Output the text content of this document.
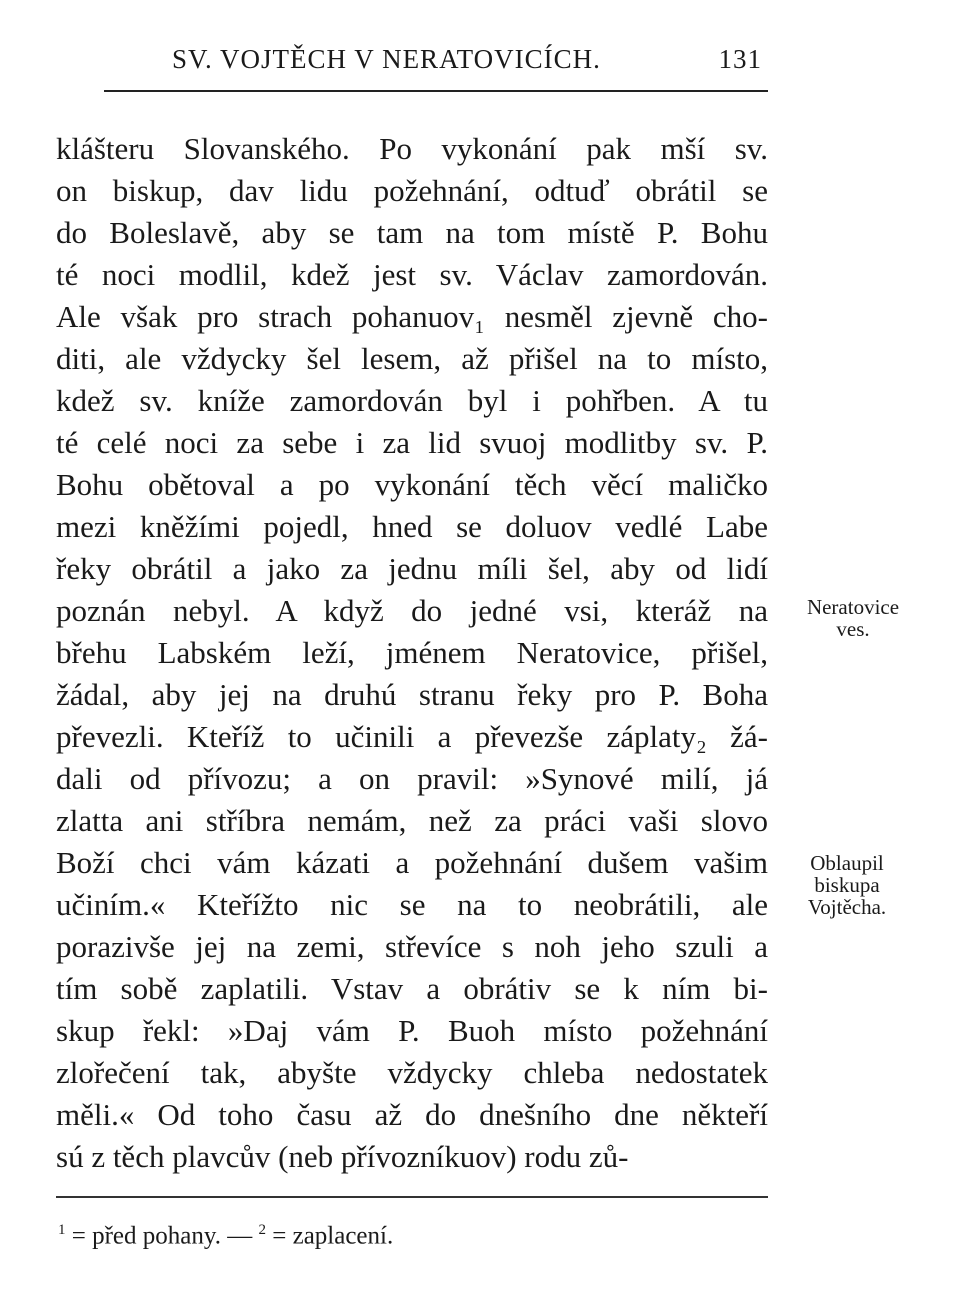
SV. VOJTĚCH V NERATOVICÍCH.	131
klášteru Slovanského. Po vykonání pak mší sv.
on biskup, dav lidu požehnání, odtuď obrátil se
do Boleslavě, aby se tam na tom místě P. Bohu
té noci modlil, kdež jest sv. Václav zamordován.
Ale však pro strach pohanuov₁ nesměl zjevně cho-
diti, ale vždycky šel lesem, až přišel na to místo,
kdež sv. kníže zamordován byl i pohřben. A tu
té celé noci za sebe i za lid svuoj modlitby sv. P.
Bohu obětoval a po vykonání těch věcí maličko
mezi kněžími pojedl, hned se doluov vedlé Labe
řeky obrátil a jako za jednu míli šel, aby od lidí
poznán nebyl. A když do jedné vsi, kteráž na
břehu Labském leží, jménem Neratovice, přišel,
žádal, aby jej na druhú stranu řeky pro P. Boha
převezli. Kteříž to učinili a převezše záplaty₂ žá-
dali od přívozu; a on pravil: »Synové milí, já
zlatta ani stříbra nemám, než za práci vaši slovo
Boží chci vám kázati a požehnání dušem vašim
učiním.« Kteřížto nic se na to neobrátili, ale
porazivše jej na zemi, střevíce s noh jeho szuli a
tím sobě zaplatili. Vstav a obrátiv se k ním bi-
skup řekl: »Daj vám P. Buoh místo požehnání
zlořečení tak, abyšte vždycky chleba nedostatek
měli.« Od toho času až do dnešního dne někteří
sú z těch plavcův (neb přívozníkuov) rodu zů-
Neratovice
ves.
Oblaupil
biskupa
Vojtěcha.
$^1$ = před pohany. — $^2$ = zaplacení.
